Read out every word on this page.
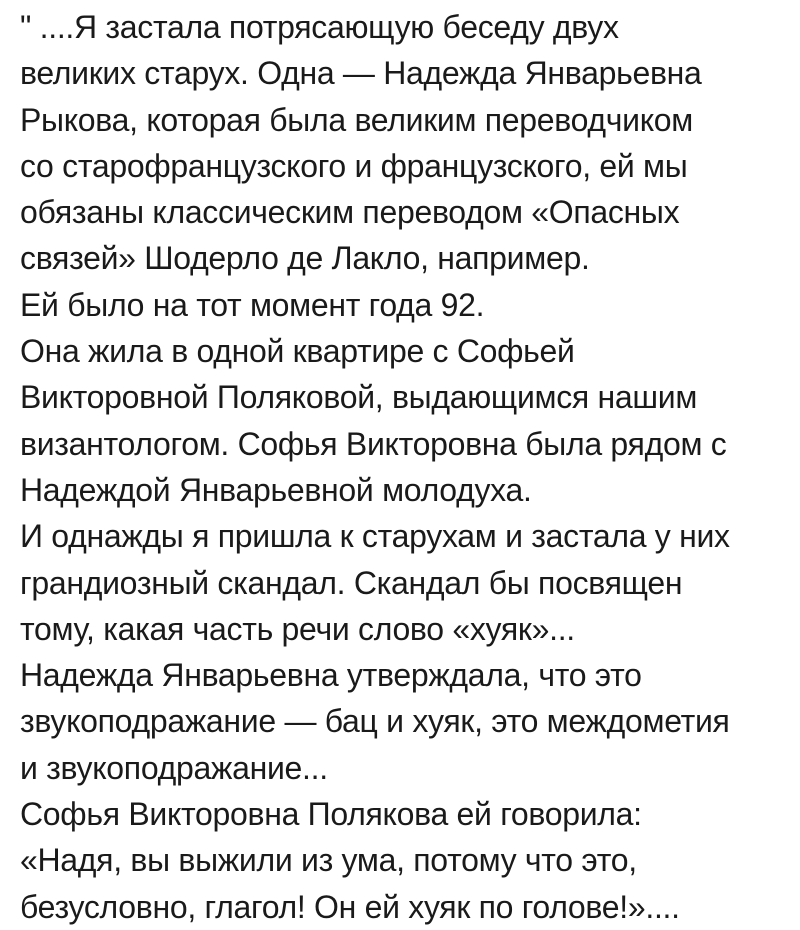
" ....Я застала потрясающую беседу двух
великих старух. Одна — Надежда Январьевна
Рыкова, которая была великим переводчиком
со старофранцузского и французского, ей мы
обязаны классическим переводом «Опасных
связей» Шодерло де Лакло, например.
Ей было на тот момент года 92.
Она жила в одной квартире с Софьей
Викторовной Поляковой, выдающимся нашим
византологом. Софья Викторовна была рядом с
Надеждой Январьевной молодуха.
И однажды я пришла к старухам и застала у них
грандиозный скандал. Скандал бы посвящен
тому, какая часть речи слово «хуяк»...
Надежда Январьевна утверждала, что это
звукоподражание — бац и хуяк, это междометия
и звукоподражание...
Софья Викторовна Полякова ей говорила:
«Надя, вы выжили из ума, потому что это,
безусловно, глагол! Он ей хуяк по голове!»....
